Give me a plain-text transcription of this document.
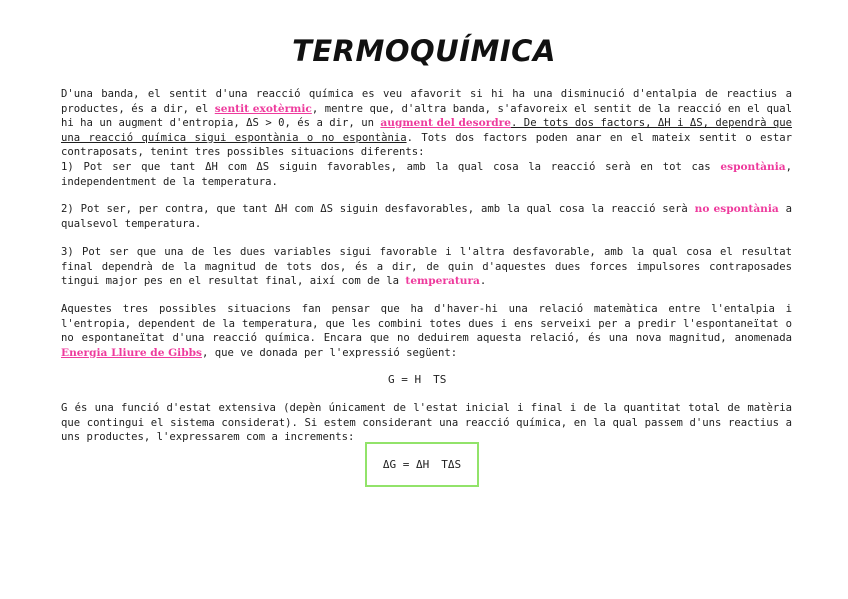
TERMOQUÍMICA

D'una banda, el sentit d'una reacció química es veu afavorit si hi ha una disminució d'entalpia de reactius a productes, és a dir, el sentit exotèrmic, mentre que, d'altra banda, s'afavoreix el sentit de la reacció en el qual hi ha un augment d'entropia, ΔS > 0, és a dir, un augment del desordre. De tots dos factors, ΔH i ΔS, dependrà que una reacció química sigui espontània o no espontània. Tots dos factors poden anar en el mateix sentit o estar contraposats, tenint tres possibles situacions diferents:

1) Pot ser que tant ΔH com ΔS siguin favorables, amb la qual cosa la reacció serà en tot cas espontània, independentment de la temperatura.

2) Pot ser, per contra, que tant ΔH com ΔS siguin desfavorables, amb la qual cosa la reacció serà no espontània a qualsevol temperatura.

3) Pot ser que una de les dues variables sigui favorable i l'altra desfavorable, amb la qual cosa el resultat final dependrà de la magnitud de tots dos, és a dir, de quin d'aquestes dues forces impulsores contraposades tingui major pes en el resultat final, així com de la temperatura.

Aquestes tres possibles situacions fan pensar que ha d'haver-hi una relació matemàtica entre l'entalpia i l'entropia, dependent de la temperatura, que les combini totes dues i ens serveixi per a predir l'espontaneïtat o no espontaneïtat d'una reacció química. Encara que no deduirem aquesta relació, és una nova magnitud, anomenada Energia Lliure de Gibbs, que ve donada per l'expressió següent:

G = H TS

G és una funció d'estat extensiva (depèn únicament de l'estat inicial i final i de la quantitat total de matèria que contingui el sistema considerat). Si estem considerant una reacció química, en la qual passem d'uns reactius a uns productes, l'expressarem com a increments:

ΔG = ΔH TΔS
